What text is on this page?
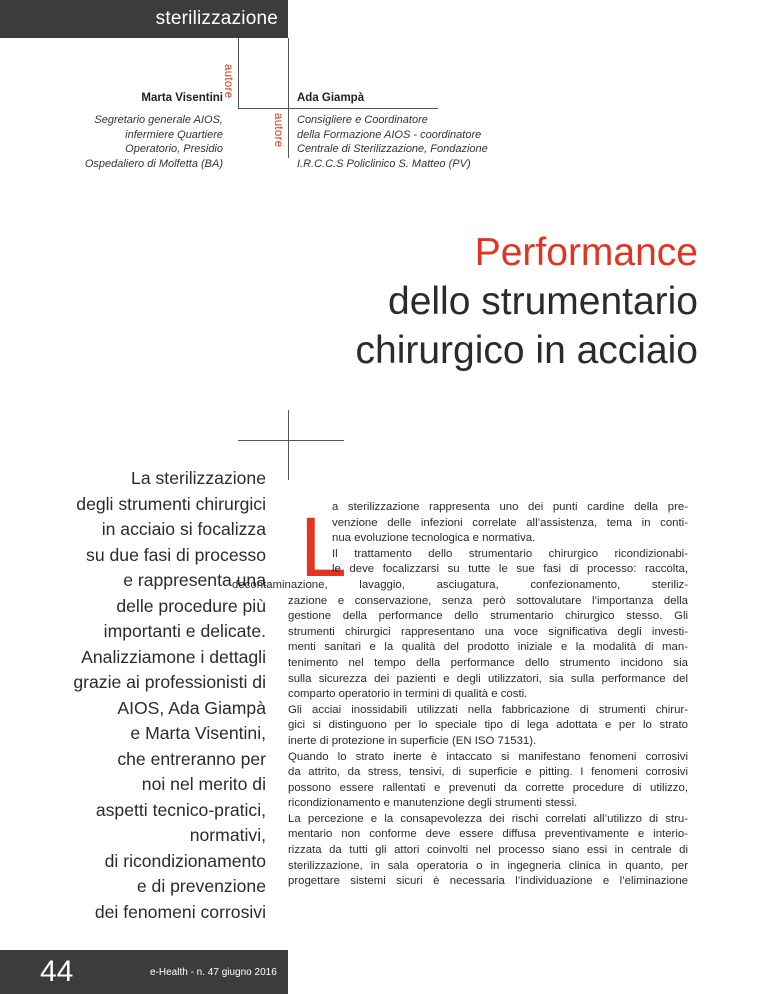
sterilizzazione
autore
Marta Visentini
Segretario generale AIOS,
infermiere Quartiere
Operatorio, Presidio
Ospedaliero di Molfetta (BA)
autore
Ada Giampà
Consigliere e Coordinatore
della Formazione AIOS - coordinatore
Centrale di Sterilizzazione, Fondazione
I.R.C.C.S Policlinico S. Matteo (PV)
Performance
dello strumentario
chirurgico in acciaio
La sterilizzazione
degli strumenti chirurgici
in acciaio si focalizza
su due fasi di processo
e rappresenta una
delle procedure più
importanti e delicate.
Analizziamone i dettagli
grazie ai professionisti di
AIOS, Ada Giampà
e Marta Visentini,
che entreranno per
noi nel merito di
aspetti tecnico-pratici,
normativi,
di ricondizionamento
e di prevenzione
dei fenomeni corrosivi
L
a sterilizzazione rappresenta uno dei punti cardine della pre-
venzione delle infezioni correlate all’assistenza, tema in conti-
nua evoluzione tecnologica e normativa.
Il trattamento dello strumentario chirurgico ricondizionabi-
le deve focalizzarsi su tutte le sue fasi di processo: raccolta,
decontaminazione, lavaggio, asciugatura, confezionamento, steriliz-
zazione e conservazione, senza però sottovalutare l’importanza della
gestione della performance dello strumentario chirurgico stesso. Gli
strumenti chirurgici rappresentano una voce significativa degli investi-
menti sanitari e la qualità del prodotto iniziale e la modalità di man-
tenimento nel tempo della performance dello strumento incidono sia
sulla sicurezza dei pazienti e degli utilizzatori, sia sulla performance del
comparto operatorio in termini di qualità e costi.
Gli acciai inossidabili utilizzati nella fabbricazione di strumenti chirur-
gici si distinguono per lo speciale tipo di lega adottata e per lo strato
inerte di protezione in superficie (EN ISO 71531).
Quando lo strato inerte è intaccato si manifestano fenomeni corrosivi
da attrito, da stress, tensivi, di superficie e pitting. I fenomeni corrosivi
possono essere rallentati e prevenuti da corrette procedure di utilizzo,
ricondizionamento e manutenzione degli strumenti stessi.
La percezione e la consapevolezza dei rischi correlati all’utilizzo di stru-
mentario non conforme deve essere diffusa preventivamente e interio-
rizzata da tutti gli attori coinvolti nel processo siano essi in centrale di
sterilizzazione, in sala operatoria o in ingegneria clinica in quanto, per
progettare sistemi sicuri è necessaria l’individuazione e l’eliminazione
44	e-Health - n. 47 giugno 2016
